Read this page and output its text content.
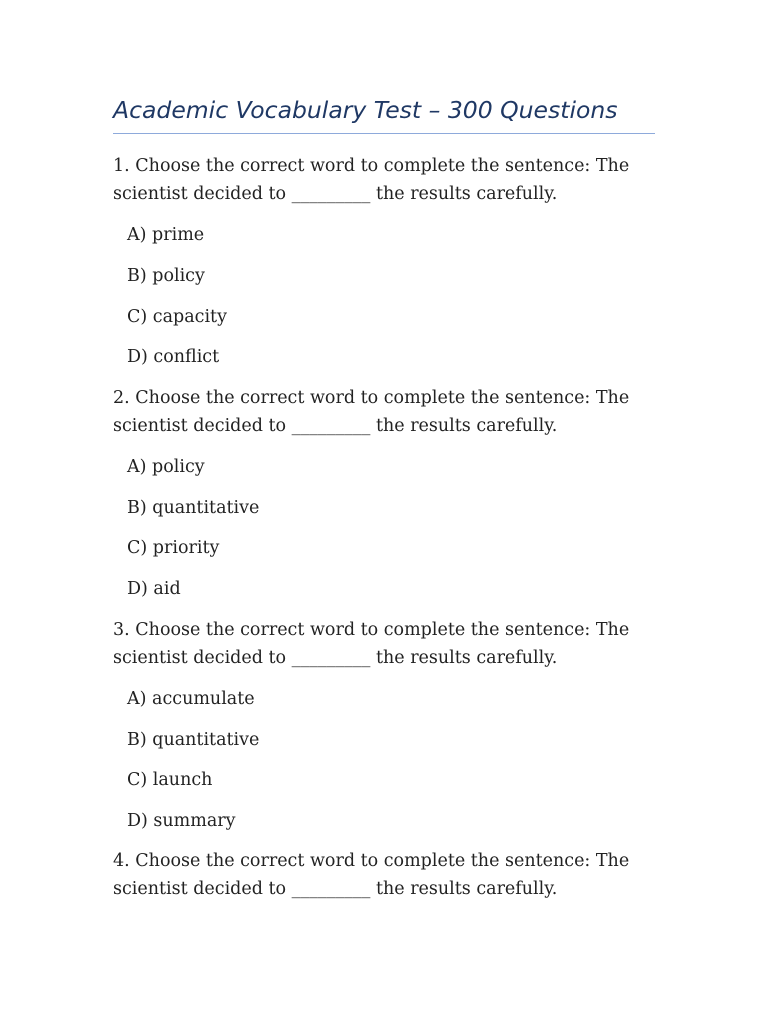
Academic Vocabulary Test – 300 Questions

1. Choose the correct word to complete the sentence: The scientist decided to _________ the results carefully.

A) prime

B) policy

C) capacity

D) conflict

2. Choose the correct word to complete the sentence: The scientist decided to _________ the results carefully.

A) policy

B) quantitative

C) priority

D) aid

3. Choose the correct word to complete the sentence: The scientist decided to _________ the results carefully.

A) accumulate

B) quantitative

C) launch

D) summary

4. Choose the correct word to complete the sentence: The scientist decided to _________ the results carefully.
